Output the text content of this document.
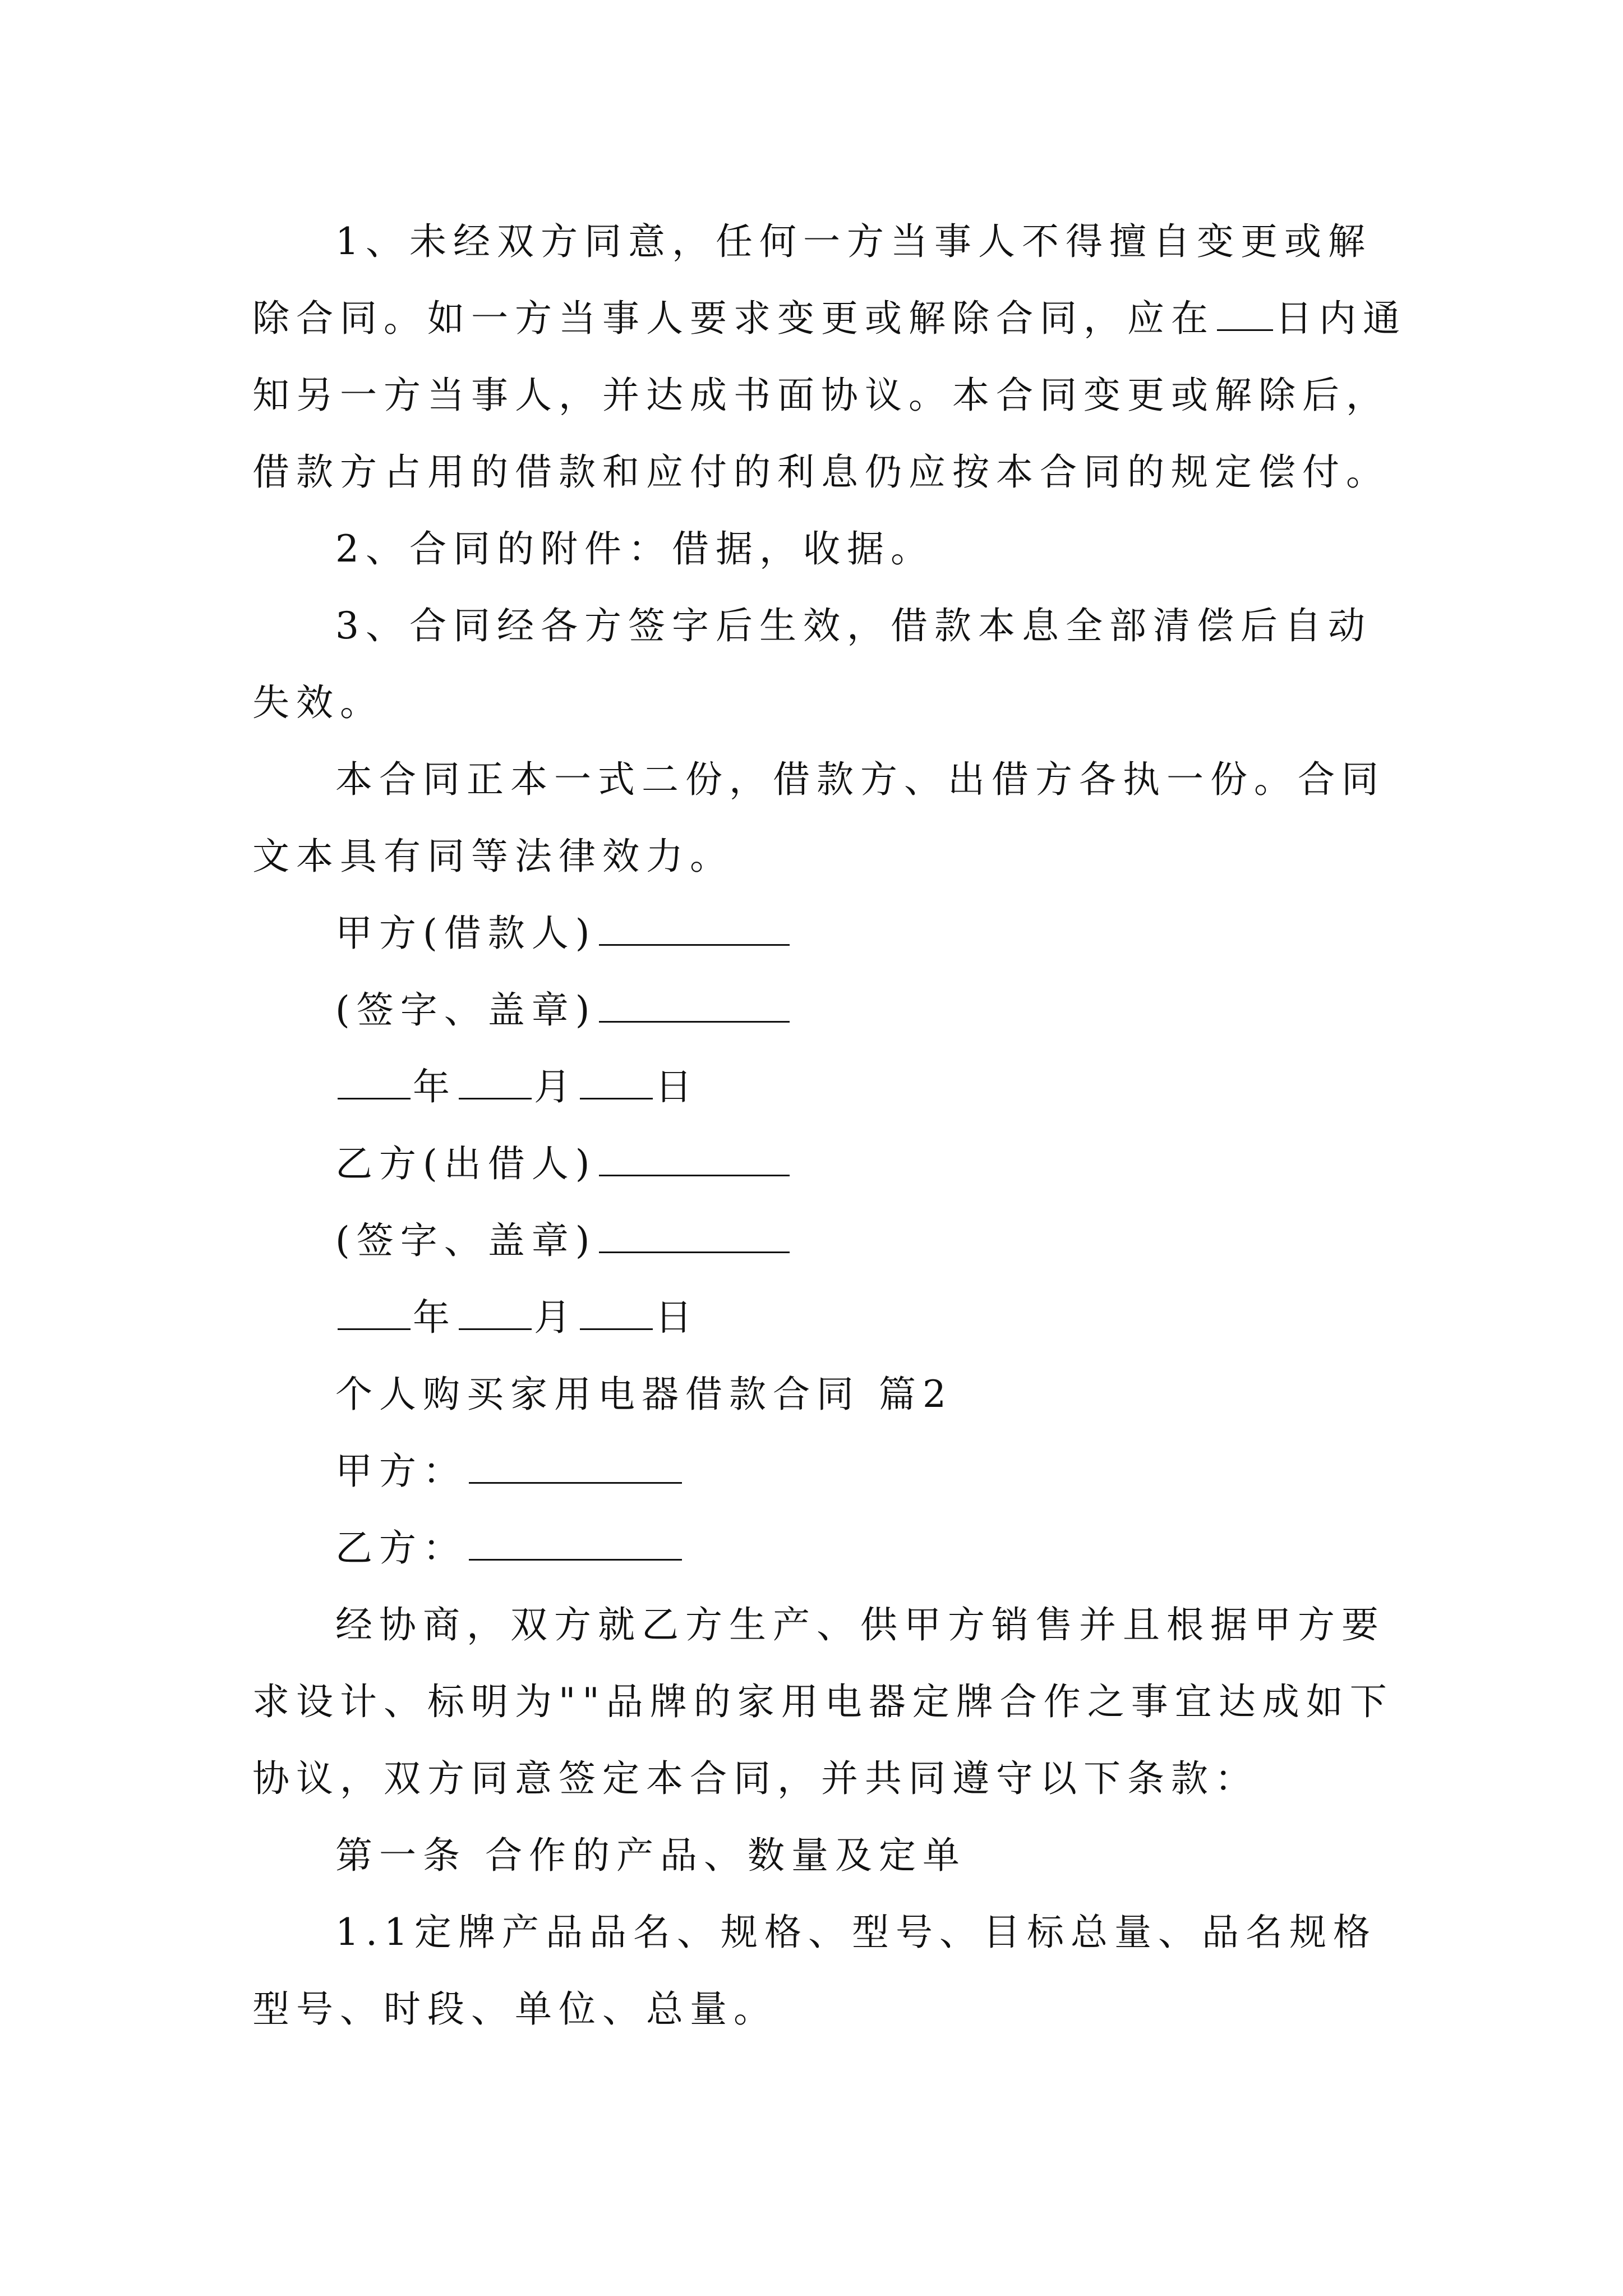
1、未经双方同意，任何一方当事人不得擅自变更或解

除合同。如一方当事人要求变更或解除合同，应在 日内通

知另一方当事人，并达成书面协议。本合同变更或解除后，

借款方占用的借款和应付的利息仍应按本合同的规定偿付。

2、合同的附件：借据，收据。

3、合同经各方签字后生效，借款本息全部清偿后自动

失效。

本合同正本一式二份，借款方、出借方各执一份。合同

文本具有同等法律效力。

甲方(借款人)

(签字、盖章)

年 月 日

乙方(出借人)

(签字、盖章)

年 月 日

个人购买家用电器借款合同 篇2

甲方：

乙方：

经协商，双方就乙方生产、供甲方销售并且根据甲方要

求设计、标明为""品牌的家用电器定牌合作之事宜达成如下

协议，双方同意签定本合同，并共同遵守以下条款：

第一条 合作的产品、数量及定单

1.1定牌产品品名、规格、型号、目标总量、品名规格

型号、时段、单位、总量。
